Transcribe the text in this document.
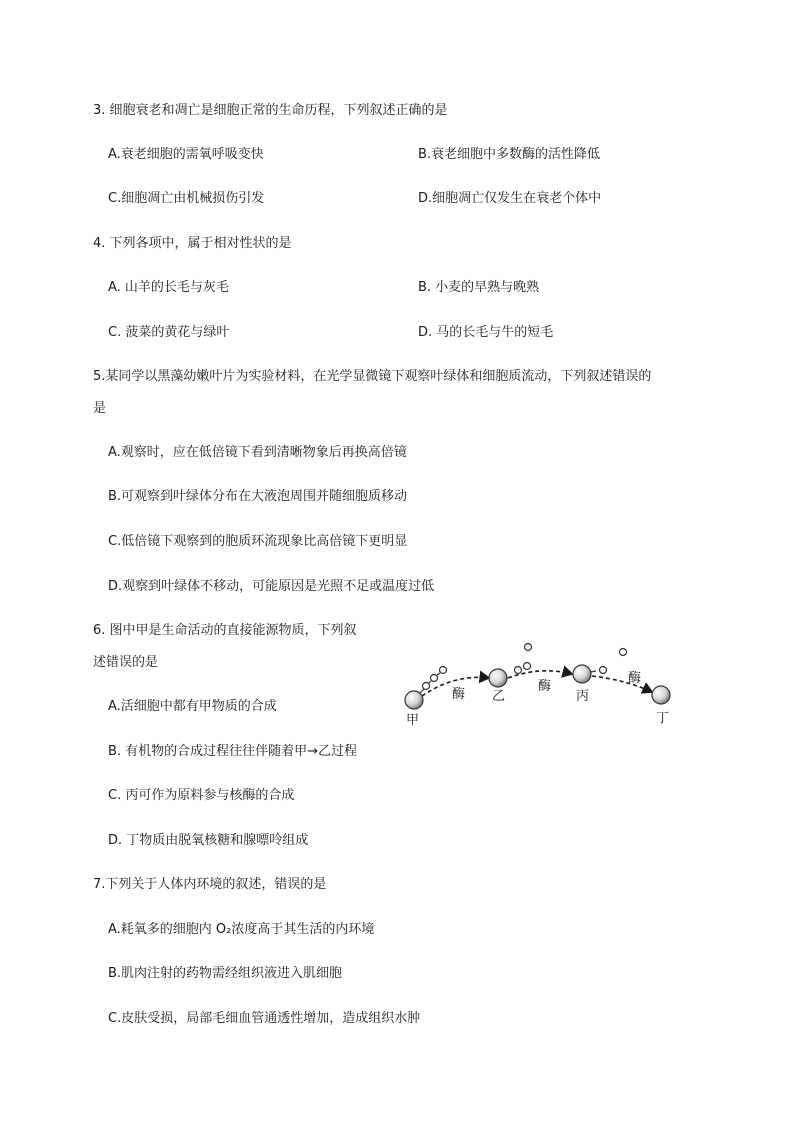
3. 细胞衰老和凋亡是细胞正常的生命历程，下列叙述正确的是
A.衰老细胞的需氧呼吸变快	B.衰老细胞中多数酶的活性降低
C.细胞凋亡由机械损伤引发	D.细胞凋亡仅发生在衰老个体中
4. 下列各项中，属于相对性状的是
A. 山羊的长毛与灰毛	B. 小麦的早熟与晚熟
C. 菠菜的黄花与绿叶	D. 马的长毛与牛的短毛
5.某同学以黑藻幼嫩叶片为实验材料，在光学显微镜下观察叶绿体和细胞质流动，下列叙述错误的
是
A.观察时，应在低倍镜下看到清晰物象后再换高倍镜
B.可观察到叶绿体分布在大液泡周围并随细胞质移动
C.低倍镜下观察到的胞质环流现象比高倍镜下更明显
D.观察到叶绿体不移动，可能原因是光照不足或温度过低
6. 图中甲是生命活动的直接能源物质，下列叙
述错误的是
A.活细胞中都有甲物质的合成
B. 有机物的合成过程往往伴随着甲→乙过程
C. 丙可作为原料参与核酶的合成
D. 丁物质由脱氧核糖和腺嘌呤组成
甲
乙	丙
丁
酶
酶
酶
7.下列关于人体内环境的叙述，错误的是
A.耗氧多的细胞内 O₂浓度高于其生活的内环境
B.肌肉注射的药物需经组织液进入肌细胞
C.皮肤受损，局部毛细血管通透性增加，造成组织水肿
